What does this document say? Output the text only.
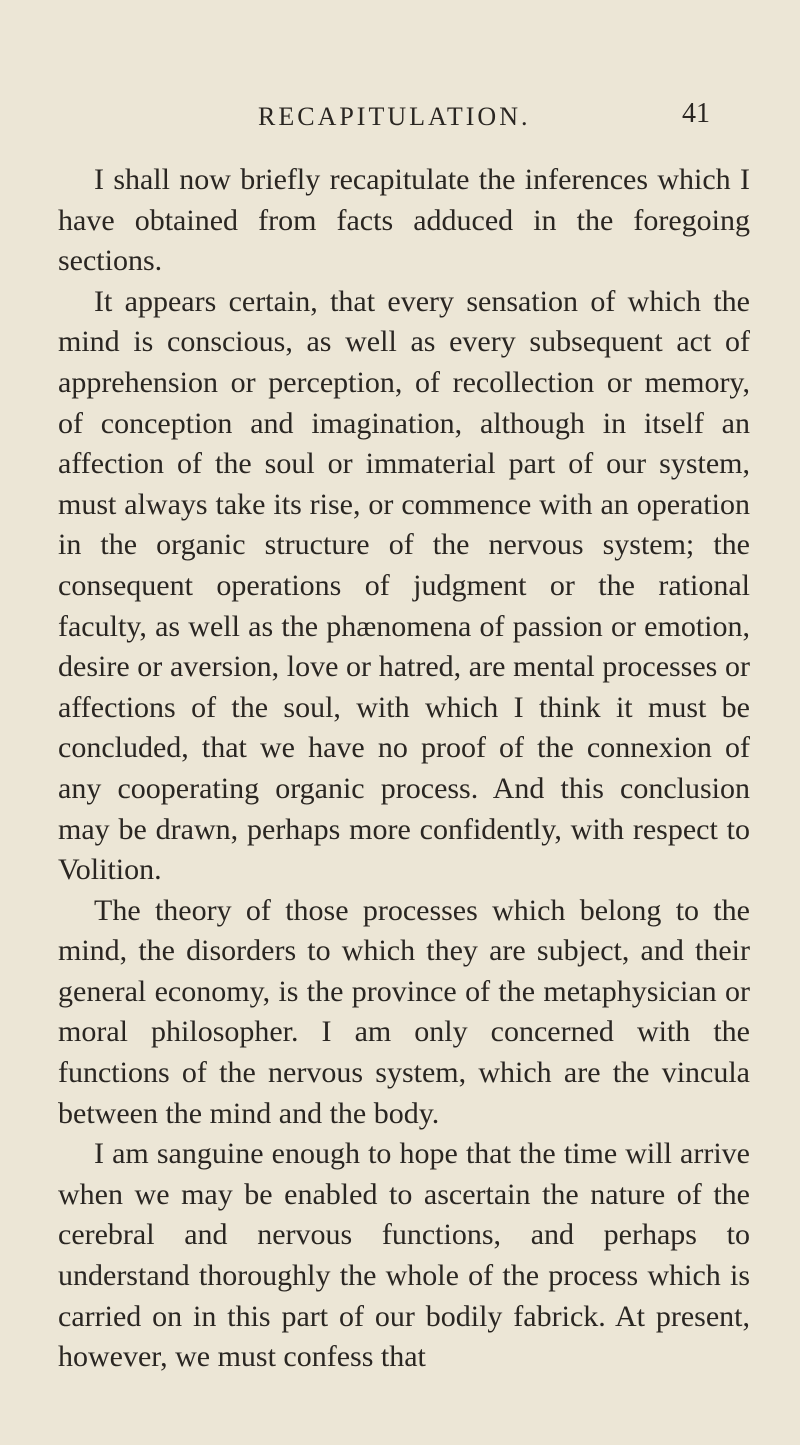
RECAPITULATION.	41

I shall now briefly recapitulate the inferences which I have obtained from facts adduced in the foregoing sections.

It appears certain, that every sensation of which the mind is conscious, as well as every subsequent act of apprehension or perception, of recollection or memory, of conception and imagination, although in itself an affection of the soul or immaterial part of our system, must always take its rise, or commence with an operation in the organic structure of the nervous system; the consequent operations of judgment or the rational faculty, as well as the phænomena of passion or emotion, desire or aversion, love or hatred, are mental processes or affections of the soul, with which I think it must be concluded, that we have no proof of the connexion of any cooperating organic process. And this conclusion may be drawn, perhaps more confidently, with respect to Volition.

The theory of those processes which belong to the mind, the disorders to which they are subject, and their general economy, is the province of the metaphysician or moral philosopher. I am only concerned with the functions of the nervous system, which are the vincula between the mind and the body.

I am sanguine enough to hope that the time will arrive when we may be enabled to ascertain the nature of the cerebral and nervous functions, and perhaps to understand thoroughly the whole of the process which is carried on in this part of our bodily fabrick. At present, however, we must confess that
